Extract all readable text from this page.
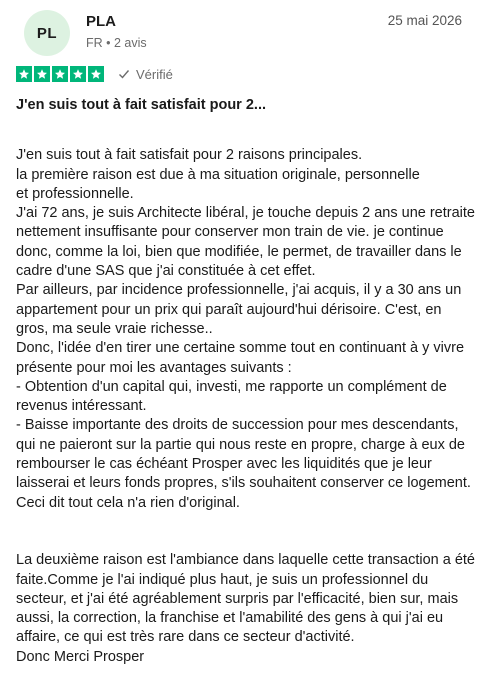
PL
PLA
FR • 2 avis
25 mai 2026
Vérifié
J'en suis tout à fait satisfait pour 2...

J'en suis tout à fait satisfait pour 2 raisons principales.
la première raison est due à ma situation originale, personnelle
et professionnelle.
J'ai 72 ans, je suis Architecte libéral, je touche depuis 2 ans une retraite nettement insuffisante pour conserver mon train de vie. je continue donc, comme la loi, bien que modifiée, le permet, de travailler dans le cadre d'une SAS que j'ai constituée à cet effet.
Par ailleurs, par incidence professionnelle, j'ai acquis, il y a 30 ans un appartement pour un prix qui paraît aujourd'hui dérisoire. C'est, en gros, ma seule vraie richesse..
Donc, l'idée d'en tirer une certaine somme tout en continuant à y vivre présente pour moi les avantages suivants :
- Obtention d'un capital qui, investi, me rapporte un complément de revenus intéressant.
- Baisse importante des droits de succession pour mes descendants, qui ne paieront sur la partie qui nous reste en propre, charge à eux de rembourser le cas échéant Prosper avec les liquidités que je leur laisserai et leurs fonds propres, s'ils souhaitent conserver ce logement.
Ceci dit tout cela n'a rien d'original.

La deuxième raison est l'ambiance dans laquelle cette transaction a été faite.Comme je l'ai indiqué plus haut, je suis un professionnel du secteur, et j'ai été agréablement surpris par l'efficacité, bien sur, mais aussi, la correction, la franchise et l'amabilité des gens à qui j'ai eu affaire, ce qui est très rare dans ce secteur d'activité.
Donc Merci Prosper
